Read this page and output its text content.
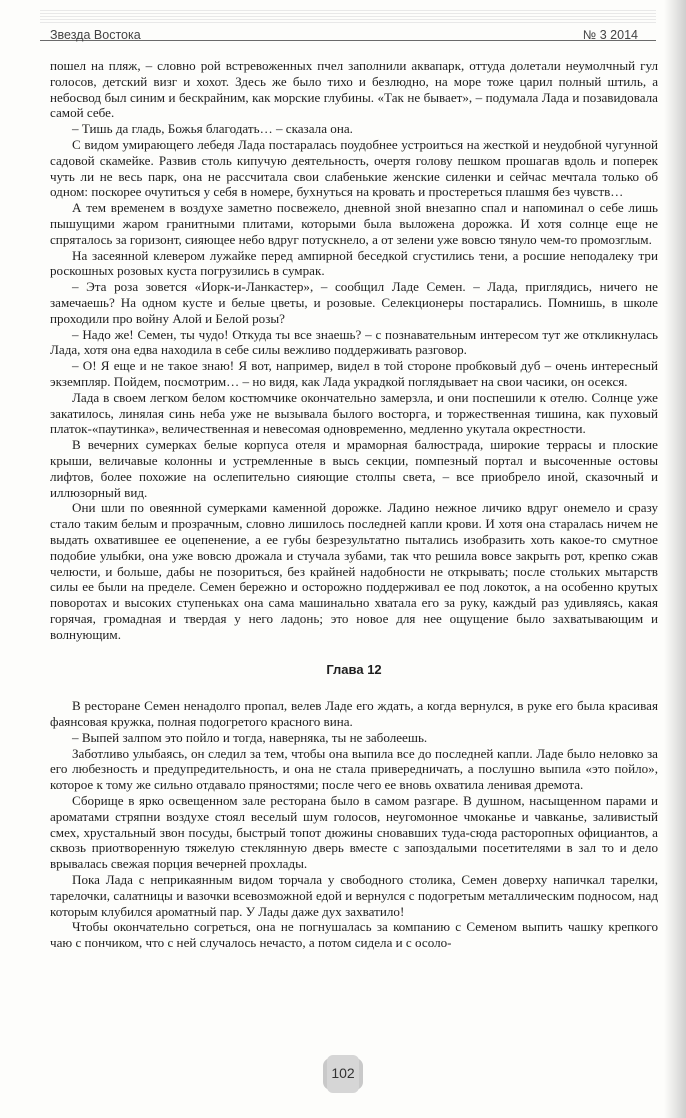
Звезда Востока	№ 3 2014

пошел на пляж, – словно рой встревоженных пчел заполнили аквапарк, оттуда долетали неумолчный гул голосов, детский визг и хохот. Здесь же было тихо и безлюдно, на море тоже царил полный штиль, а небосвод был синим и бескрайним, как морские глубины. «Так не бывает», – подумала Лада и позавидовала самой себе.

– Тишь да гладь, Божья благодать… – сказала она.

С видом умирающего лебедя Лада постаралась поудобнее устроиться на жесткой и неудобной чугунной садовой скамейке. Развив столь кипучую деятельность, очертя голову пешком прошагав вдоль и поперек чуть ли не весь парк, она не рассчитала свои слабенькие женские силенки и сейчас мечтала только об одном: поскорее очутиться у себя в номере, бухнуться на кровать и простереться плашмя без чувств…

А тем временем в воздухе заметно посвежело, дневной зной внезапно спал и напоминал о себе лишь пышущими жаром гранитными плитами, которыми была выложена дорожка. И хотя солнце еще не спряталось за горизонт, сияющее небо вдруг потускнело, а от зелени уже вовсю тянуло чем-то промозглым.

На засеянной клевером лужайке перед ампирной беседкой сгустились тени, а росшие неподалеку три роскошных розовых куста погрузились в сумрак.

– Эта роза зовется «Иорк-и-Ланкастер», – сообщил Ладе Семен. – Лада, приглядись, ничего не замечаешь? На одном кусте и белые цветы, и розовые. Селекционеры постарались. Помнишь, в школе проходили про войну Алой и Белой розы?

– Надо же! Семен, ты чудо! Откуда ты все знаешь? – с познавательным интересом тут же откликнулась Лада, хотя она едва находила в себе силы вежливо поддерживать разговор.

– О! Я еще и не такое знаю! Я вот, например, видел в той стороне пробковый дуб – очень интересный экземпляр. Пойдем, посмотрим… – но видя, как Лада украдкой поглядывает на свои часики, он осекся.

Лада в своем легком белом костюмчике окончательно замерзла, и они поспешили к отелю. Солнце уже закатилось, линялая синь неба уже не вызывала былого восторга, и торжественная тишина, как пуховый платок-«паутинка», величественная и невесомая одновременно, медленно укутала окрестности.

В вечерних сумерках белые корпуса отеля и мраморная балюстрада, широкие террасы и плоские крыши, величавые колонны и устремленные в высь секции, помпезный портал и высоченные остовы лифтов, более похожие на ослепительно сияющие столпы света, – все приобрело иной, сказочный и иллюзорный вид.

Они шли по овеянной сумерками каменной дорожке. Ладино нежное личико вдруг онемело и сразу стало таким белым и прозрачным, словно лишилось последней капли крови. И хотя она старалась ничем не выдать охватившее ее оцепенение, а ее губы безрезультатно пытались изобразить хоть какое-то смутное подобие улыбки, она уже вовсю дрожала и стучала зубами, так что решила вовсе закрыть рот, крепко сжав челюсти, и больше, дабы не позориться, без крайней надобности не открывать; после стольких мытарств силы ее были на пределе. Семен бережно и осторожно поддерживал ее под локоток, а на особенно крутых поворотах и высоких ступеньках она сама машинально хватала его за руку, каждый раз удивляясь, какая горячая, громадная и твердая у него ладонь; это новое для нее ощущение было захватывающим и волнующим.

Глава 12

В ресторане Семен ненадолго пропал, велев Ладе его ждать, а когда вернулся, в руке его была красивая фаянсовая кружка, полная подогретого красного вина.

– Выпей залпом это пойло и тогда, наверняка, ты не заболеешь.

Заботливо улыбаясь, он следил за тем, чтобы она выпила все до последней капли. Ладе было неловко за его любезность и предупредительность, и она не стала привередничать, а послушно выпила «это пойло», которое к тому же сильно отдавало пряностями; после чего ее вновь охватила ленивая дремота.

Сборище в ярко освещенном зале ресторана было в самом разгаре. В душном, насыщенном парами и ароматами стряпни воздухе стоял веселый шум голосов, неугомонное чмоканье и чавканье, заливистый смех, хрустальный звон посуды, быстрый топот дюжины сновавших туда-сюда расторопных официантов, а сквозь приотворенную тяжелую стеклянную дверь вместе с запоздалыми посетителями в зал то и дело врывалась свежая порция вечерней прохлады.

Пока Лада с неприкаянным видом торчала у свободного столика, Семен доверху напичкал тарелки, тарелочки, салатницы и вазочки всевозможной едой и вернулся с подогретым металлическим подносом, над которым клубился ароматный пар. У Лады даже дух захватило!

Чтобы окончательно согреться, она не погнушалась за компанию с Семеном выпить чашку крепкого чаю с пончиком, что с ней случалось нечасто, а потом сидела и с осоло-

102
